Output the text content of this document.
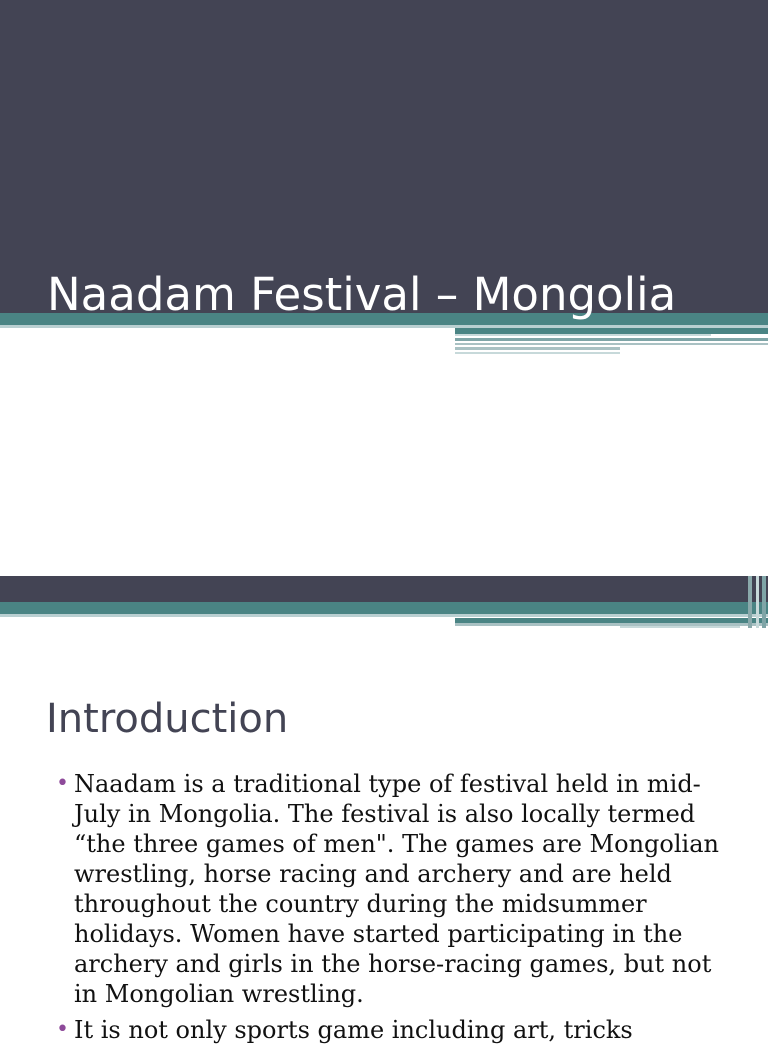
Naadam Festival – Mongolia
Introduction
• Naadam is a traditional type of festival held in mid-July in Mongolia. The festival is also locally termed “the three games of men". The games are Mongolian wrestling, horse racing and archery and are held throughout the country during the midsummer holidays. Women have started participating in the archery and girls in the horse-racing games, but not in Mongolian wrestling.
• It is not only sports game including art, tricks
